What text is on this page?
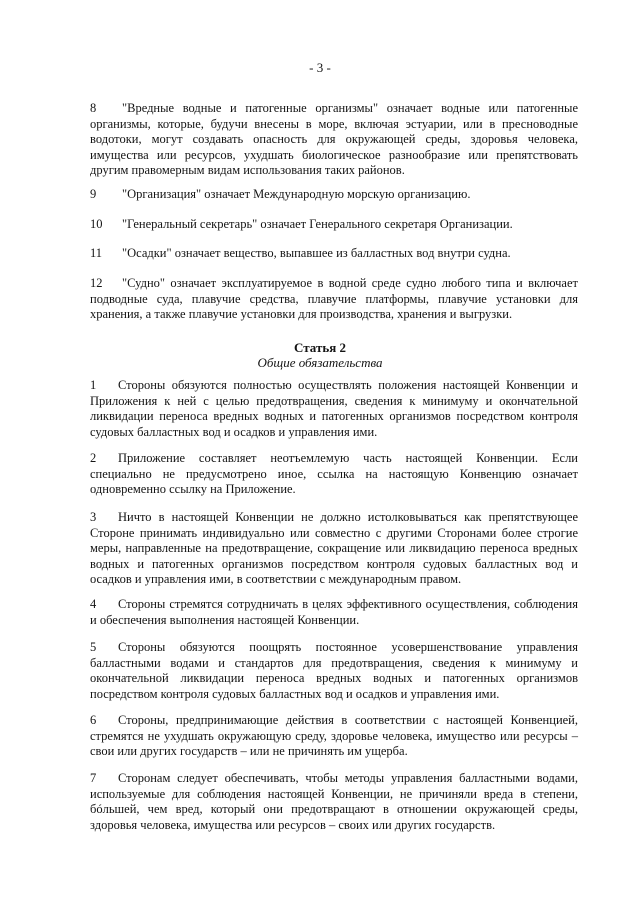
- 3 -

8 "Вредные водные и патогенные организмы" означает водные или патогенные организмы, которые, будучи внесены в море, включая эстуарии, или в пресноводные водотоки, могут создавать опасность для окружающей среды, здоровья человека, имущества или ресурсов, ухудшать биологическое разнообразие или препятствовать другим правомерным видам использования таких районов.

9 "Организация" означает Международную морскую организацию.

10 "Генеральный секретарь" означает Генерального секретаря Организации.

11 "Осадки" означает вещество, выпавшее из балластных вод внутри судна.

12 "Судно" означает эксплуатируемое в водной среде судно любого типа и включает подводные суда, плавучие средства, плавучие платформы, плавучие установки для хранения, а также плавучие установки для производства, хранения и выгрузки.

Статья 2
Общие обязательства

1 Стороны обязуются полностью осуществлять положения настоящей Конвенции и Приложения к ней с целью предотвращения, сведения к минимуму и окончательной ликвидации переноса вредных водных и патогенных организмов посредством контроля судовых балластных вод и осадков и управления ими.

2 Приложение составляет неотъемлемую часть настоящей Конвенции. Если специально не предусмотрено иное, ссылка на настоящую Конвенцию означает одновременно ссылку на Приложение.

3 Ничто в настоящей Конвенции не должно истолковываться как препятствующее Стороне принимать индивидуально или совместно с другими Сторонами более строгие меры, направленные на предотвращение, сокращение или ликвидацию переноса вредных водных и патогенных организмов посредством контроля судовых балластных вод и осадков и управления ими, в соответствии с международным правом.

4 Стороны стремятся сотрудничать в целях эффективного осуществления, соблюдения и обеспечения выполнения настоящей Конвенции.

5 Стороны обязуются поощрять постоянное усовершенствование управления балластными водами и стандартов для предотвращения, сведения к минимуму и окончательной ликвидации переноса вредных водных и патогенных организмов посредством контроля судовых балластных вод и осадков и управления ими.

6 Стороны, предпринимающие действия в соответствии с настоящей Конвенцией, стремятся не ухудшать окружающую среду, здоровье человека, имущество или ресурсы – свои или других государств – или не причинять им ущерба.

7 Сторонам следует обеспечивать, чтобы методы управления балластными водами, используемые для соблюдения настоящей Конвенции, не причиняли вреда в степени, бóльшей, чем вред, который они предотвращают в отношении окружающей среды, здоровья человека, имущества или ресурсов – своих или других государств.
